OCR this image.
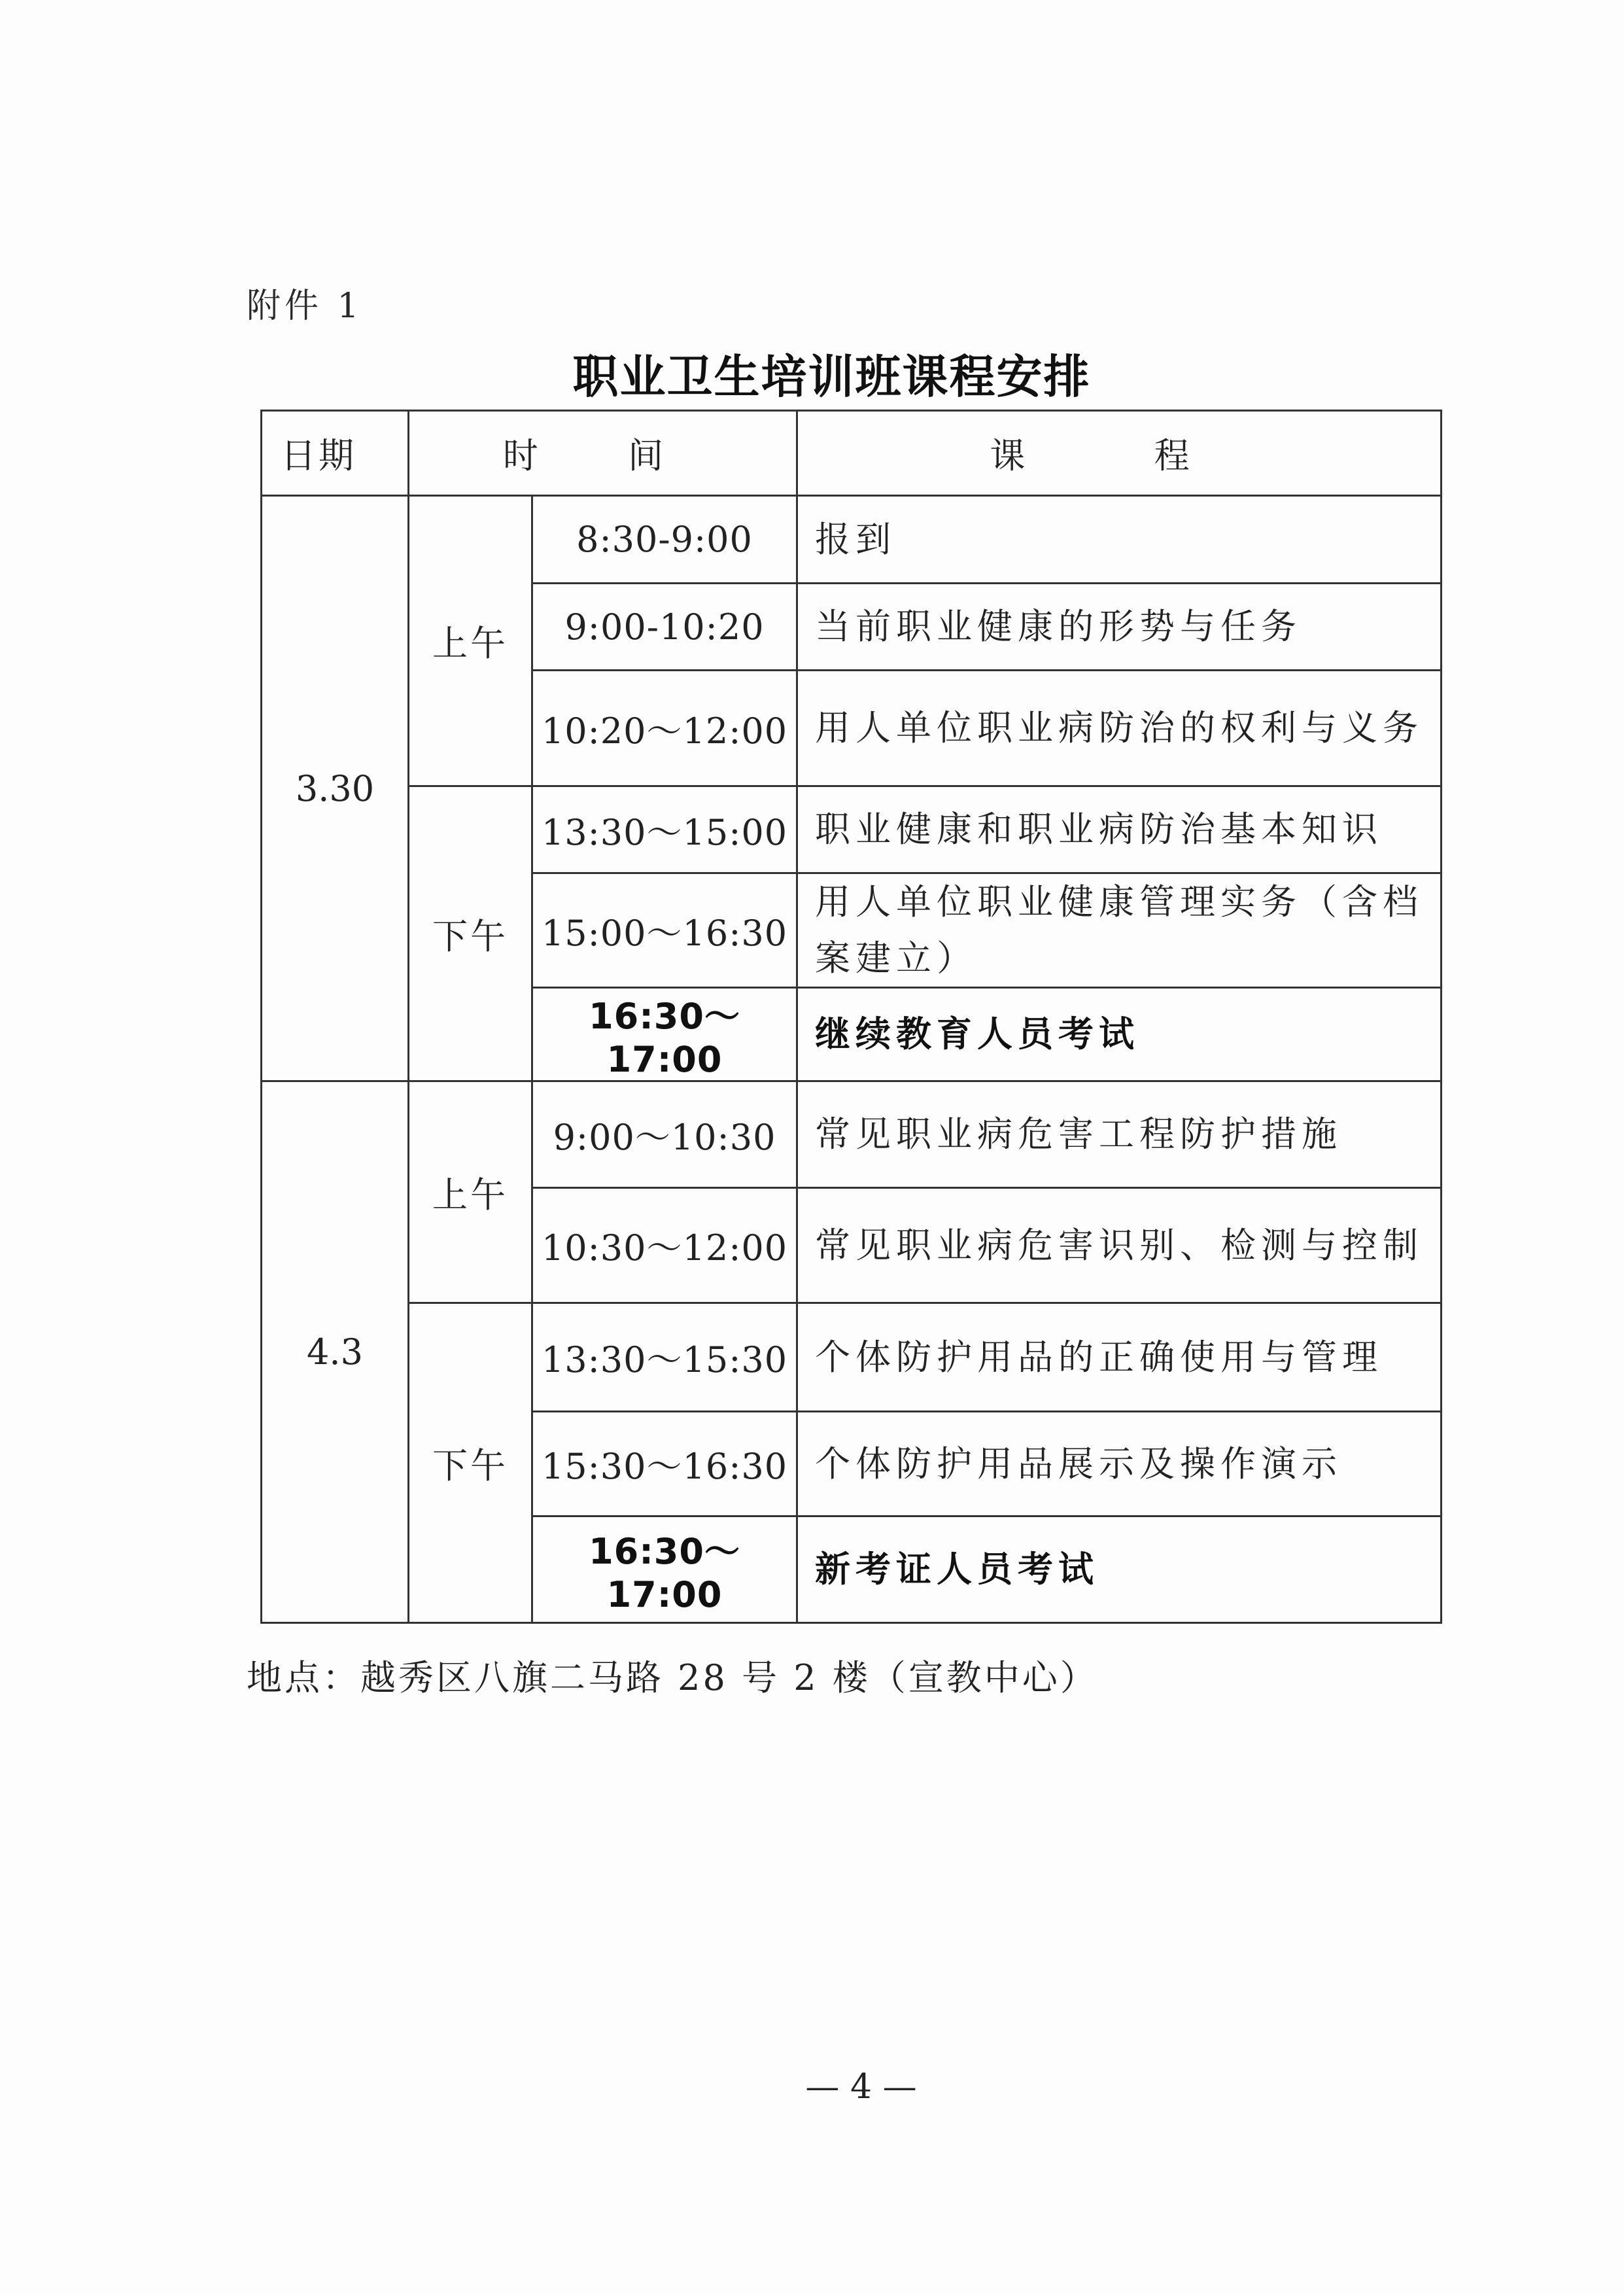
附件 1
职业卫生培训班课程安排
日期	时 间		课 程
3.30	上午	8:30-9:00	报到
		9:00-10:20	当前职业健康的形势与任务
		10:20～12:00	用人单位职业病防治的权利与义务
	下午	13:30～15:00	职业健康和职业病防治基本知识
		15:00～16:30	用人单位职业健康管理实务（含档案建立）
		16:30～17:00	继续教育人员考试
4.3	上午	9:00～10:30	常见职业病危害工程防护措施
		10:30～12:00	常见职业病危害识别、检测与控制
	下午	13:30～15:30	个体防护用品的正确使用与管理
		15:30～16:30	个体防护用品展示及操作演示
		16:30～17:00	新考证人员考试
地点：越秀区八旗二马路 28 号 2 楼（宣教中心）
— 4 —
